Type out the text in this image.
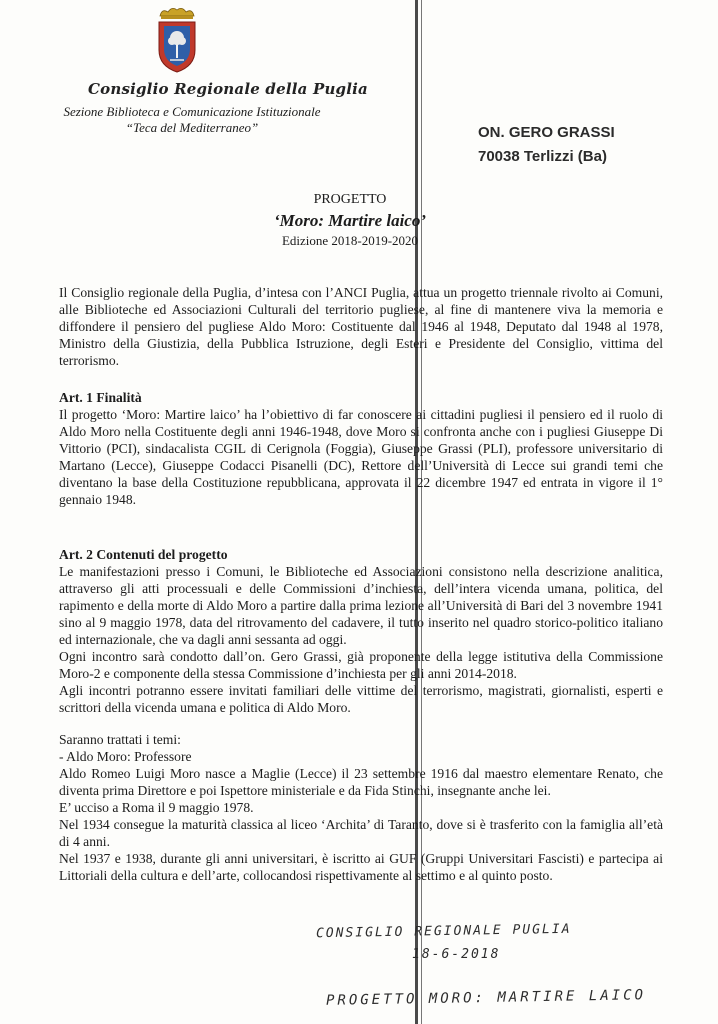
Consiglio Regionale della Puglia
Sezione Biblioteca e Comunicazione Istituzionale
“Teca del Mediterraneo”	ON. GERO GRASSI
70038 Terlizzi (Ba)
PROGETTO
‘Moro: Martire laico’
Edizione 2018-2019-2020

Il Consiglio regionale della Puglia, d’intesa con l’ANCI Puglia, attua un progetto triennale rivolto ai Comuni, alle Biblioteche ed Associazioni Culturali del territorio pugliese, al fine di mantenere viva la memoria e diffondere il pensiero del pugliese Aldo Moro: Costituente dal 1946 al 1948, Deputato dal 1948 al 1978, Ministro della Giustizia, della Pubblica Istruzione, degli Esteri e Presidente del Consiglio, vittima del terrorismo.

Art. 1 Finalità

Il progetto ‘Moro: Martire laico’ ha l’obiettivo di far conoscere ai cittadini pugliesi il pensiero ed il ruolo di Aldo Moro nella Costituente degli anni 1946-1948, dove Moro si confronta anche con i pugliesi Giuseppe Di Vittorio (PCI), sindacalista CGIL di Cerignola (Foggia), Giuseppe Grassi (PLI), professore universitario di Martano (Lecce), Giuseppe Codacci Pisanelli (DC), Rettore dell’Università di Lecce sui grandi temi che diventano la base della Costituzione repubblicana, approvata il 22 dicembre 1947 ed entrata in vigore il 1° gennaio 1948.

Art. 2 Contenuti del progetto

Le manifestazioni presso i Comuni, le Biblioteche ed Associazioni consistono nella descrizione analitica, attraverso gli atti processuali e delle Commissioni d’inchiesta, dell’intera vicenda umana, politica, del rapimento e della morte di Aldo Moro a partire dalla prima lezione all’Università di Bari del 3 novembre 1941 sino al 9 maggio 1978, data del ritrovamento del cadavere, il tutto inserito nel quadro storico-politico italiano ed internazionale, che va dagli anni sessanta ad oggi.

Ogni incontro sarà condotto dall’on. Gero Grassi, già proponente della legge istitutiva della Commissione Moro-2 e componente della stessa Commissione d’inchiesta per gli anni 2014-2018.

Agli incontri potranno essere invitati familiari delle vittime del terrorismo, magistrati, giornalisti, esperti e scrittori della vicenda umana e politica di Aldo Moro.

Saranno trattati i temi:

- Aldo Moro: Professore

Aldo Romeo Luigi Moro nasce a Maglie (Lecce) il 23 settembre 1916 dal maestro elementare Renato, che diventa prima Direttore e poi Ispettore ministeriale e da Fida Stinchi, insegnante anche lei.

E’ ucciso a Roma il 9 maggio 1978.

Nel 1934 consegue la maturità classica al liceo ‘Archita’ di Taranto, dove si è trasferito con la famiglia all’età di 4 anni.

Nel 1937 e 1938, durante gli anni universitari, è iscritto ai GUF (Gruppi Universitari Fascisti) e partecipa ai Littoriali della cultura e dell’arte, collocandosi rispettivamente al settimo e al quinto posto.

CONSIGLIO REGIONALE PUGLIA
18-6-2018
PROGETTO MORO: MARTIRE LAICO
